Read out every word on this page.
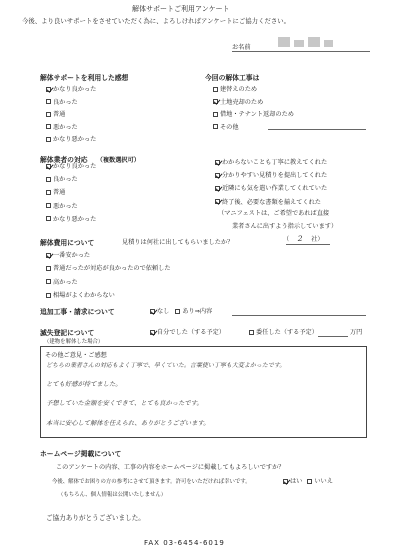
解体サポートご利用アンケート
今後、より良いサポートをさせていただく為に、よろしければアンケートにご協力ください。
お名前
解体サポートを利用した感想
かなり良かった
良かった
普通
悪かった
かなり悪かった
今回の解体工事は
建替えのため
土地売却のため
借地・テナント返却のため
その他
解体業者の対応 （複数選択可）
かなり良かった
良かった
普通
悪かった
かなり悪かった
わからないことも丁寧に教えてくれた
分かりやすい見積りを提出してくれた
近隣にも気を遣い作業してくれていた
終了後、必要な書類を揃えてくれた
（マニフェストは、ご希望であれば直接
業者さんに出すよう指示しています）
解体費用について	見積りは何社に出してもらいましたか？	（ 2 社）
一番安かった
普通だったが対応が良かったので依頼した
高かった
相場がよくわからない
追加工事・請求について	なし あり⇒内容
滅失登記について
（建物を解体した場合）
自分でした（する予定）	委任した（する予定）	万円
その他ご意見・ご感想
どちらの業者さんの対応もよく丁寧で、早くていた。言葉使い丁寧も大変よかったです。
とても好感が持てました。
予想していた金額を安くできて、とても良かったです。
本当に安心して解体を任えられ、ありがとうございます。
ホームページ掲載について
このアンケートの内容、工事の内容をホームページに掲載してもよろしいですか？
今後、解体でお困りの方の参考にさせて頂きます。許可をいただければ幸いです。	はい いいえ
（もちろん、個人情報は公開いたしません）
ご協力ありがとうございました。
FAX 03-6454-6019
